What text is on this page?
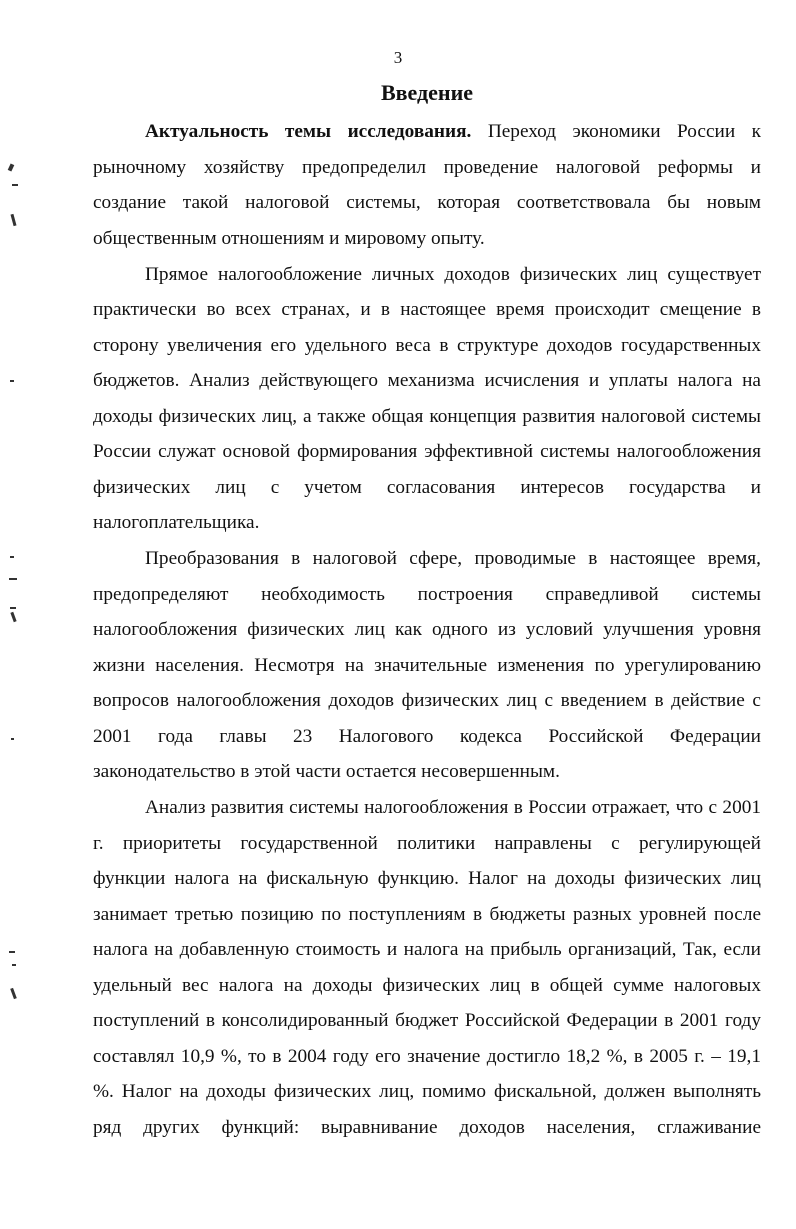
3
Введение
Актуальность темы исследования. Переход экономики России к
рыночному хозяйству предопределил проведение налоговой реформы и
создание такой налоговой системы, которая соответствовала бы новым
общественным отношениям и мировому опыту.
Прямое налогообложение личных доходов физических лиц существует
практически во всех странах, и в настоящее время происходит смещение в
сторону увеличения его удельного веса в структуре доходов государственных
бюджетов. Анализ действующего механизма исчисления и уплаты налога на
доходы физических лиц, а также общая концепция развития налоговой системы
России служат основой формирования эффективной системы налогообложения
физических лиц с учетом согласования интересов государства и
налогоплательщика.
Преобразования в налоговой сфере, проводимые в настоящее время,
предопределяют необходимость построения справедливой системы
налогообложения физических лиц как одного из условий улучшения уровня
жизни населения. Несмотря на значительные изменения по урегулированию
вопросов налогообложения доходов физических лиц с введением в действие с
2001 года главы 23 Налогового кодекса Российской Федерации
законодательство в этой части остается несовершенным.
Анализ развития системы налогообложения в России отражает, что с 2001
г. приоритеты государственной политики направлены с регулирующей
функции налога на фискальную функцию. Налог на доходы физических лиц
занимает третью позицию по поступлениям в бюджеты разных уровней после
налога на добавленную стоимость и налога на прибыль организаций, Так, если
удельный вес налога на доходы физических лиц в общей сумме налоговых
поступлений в консолидированный бюджет Российской Федерации в 2001 году
составлял 10,9 %, то в 2004 году его значение достигло 18,2 %, в 2005 г. – 19,1
%. Налог на доходы физических лиц, помимо фискальной, должен выполнять
ряд других функций: выравнивание доходов населения, сглаживание
